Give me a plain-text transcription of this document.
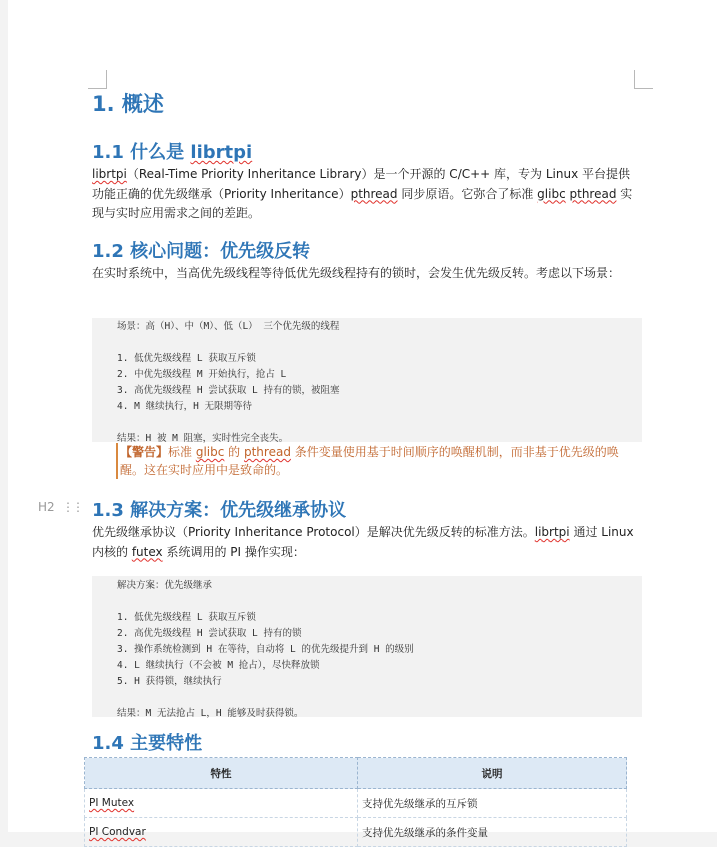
H2 ⋮⋮
1. 概述
1.1 什么是 librtpi

librtpi（Real-Time Priority Inheritance Library）是一个开源的 C/C++ 库，专为 Linux 平台提供功能正确的优先级继承（Priority Inheritance）pthread 同步原语。它弥合了标准 glibc pthread 实现与实时应用需求之间的差距。

1.2 核心问题：优先级反转

在实时系统中，当高优先级线程等待低优先级线程持有的锁时，会发生优先级反转。考虑以下场景：

场景：高（H）、中（M）、低（L） 三个优先级的线程
1. 低优先级线程 L 获取互斥锁
2. 中优先级线程 M 开始执行，抢占 L
3. 高优先级线程 H 尝试获取 L 持有的锁，被阻塞
4. M 继续执行，H 无限期等待
结果：H 被 M 阻塞，实时性完全丧失。
【警告】标准 glibc 的 pthread 条件变量使用基于时间顺序的唤醒机制，而非基于优先级的唤醒。这在实时应用中是致命的。
1.3 解决方案：优先级继承协议

优先级继承协议（Priority Inheritance Protocol）是解决优先级反转的标准方法。librtpi 通过 Linux 内核的 futex 系统调用的 PI 操作实现：

解决方案：优先级继承
1. 低优先级线程 L 获取互斥锁
2. 高优先级线程 H 尝试获取 L 持有的锁
3. 操作系统检测到 H 在等待，自动将 L 的优先级提升到 H 的级别
4. L 继续执行（不会被 M 抢占），尽快释放锁
5. H 获得锁，继续执行
结果：M 无法抢占 L，H 能够及时获得锁。
1.4 主要特性
特性	说明
PI Mutex	支持优先级继承的互斥锁
PI Condvar	支持优先级继承的条件变量
